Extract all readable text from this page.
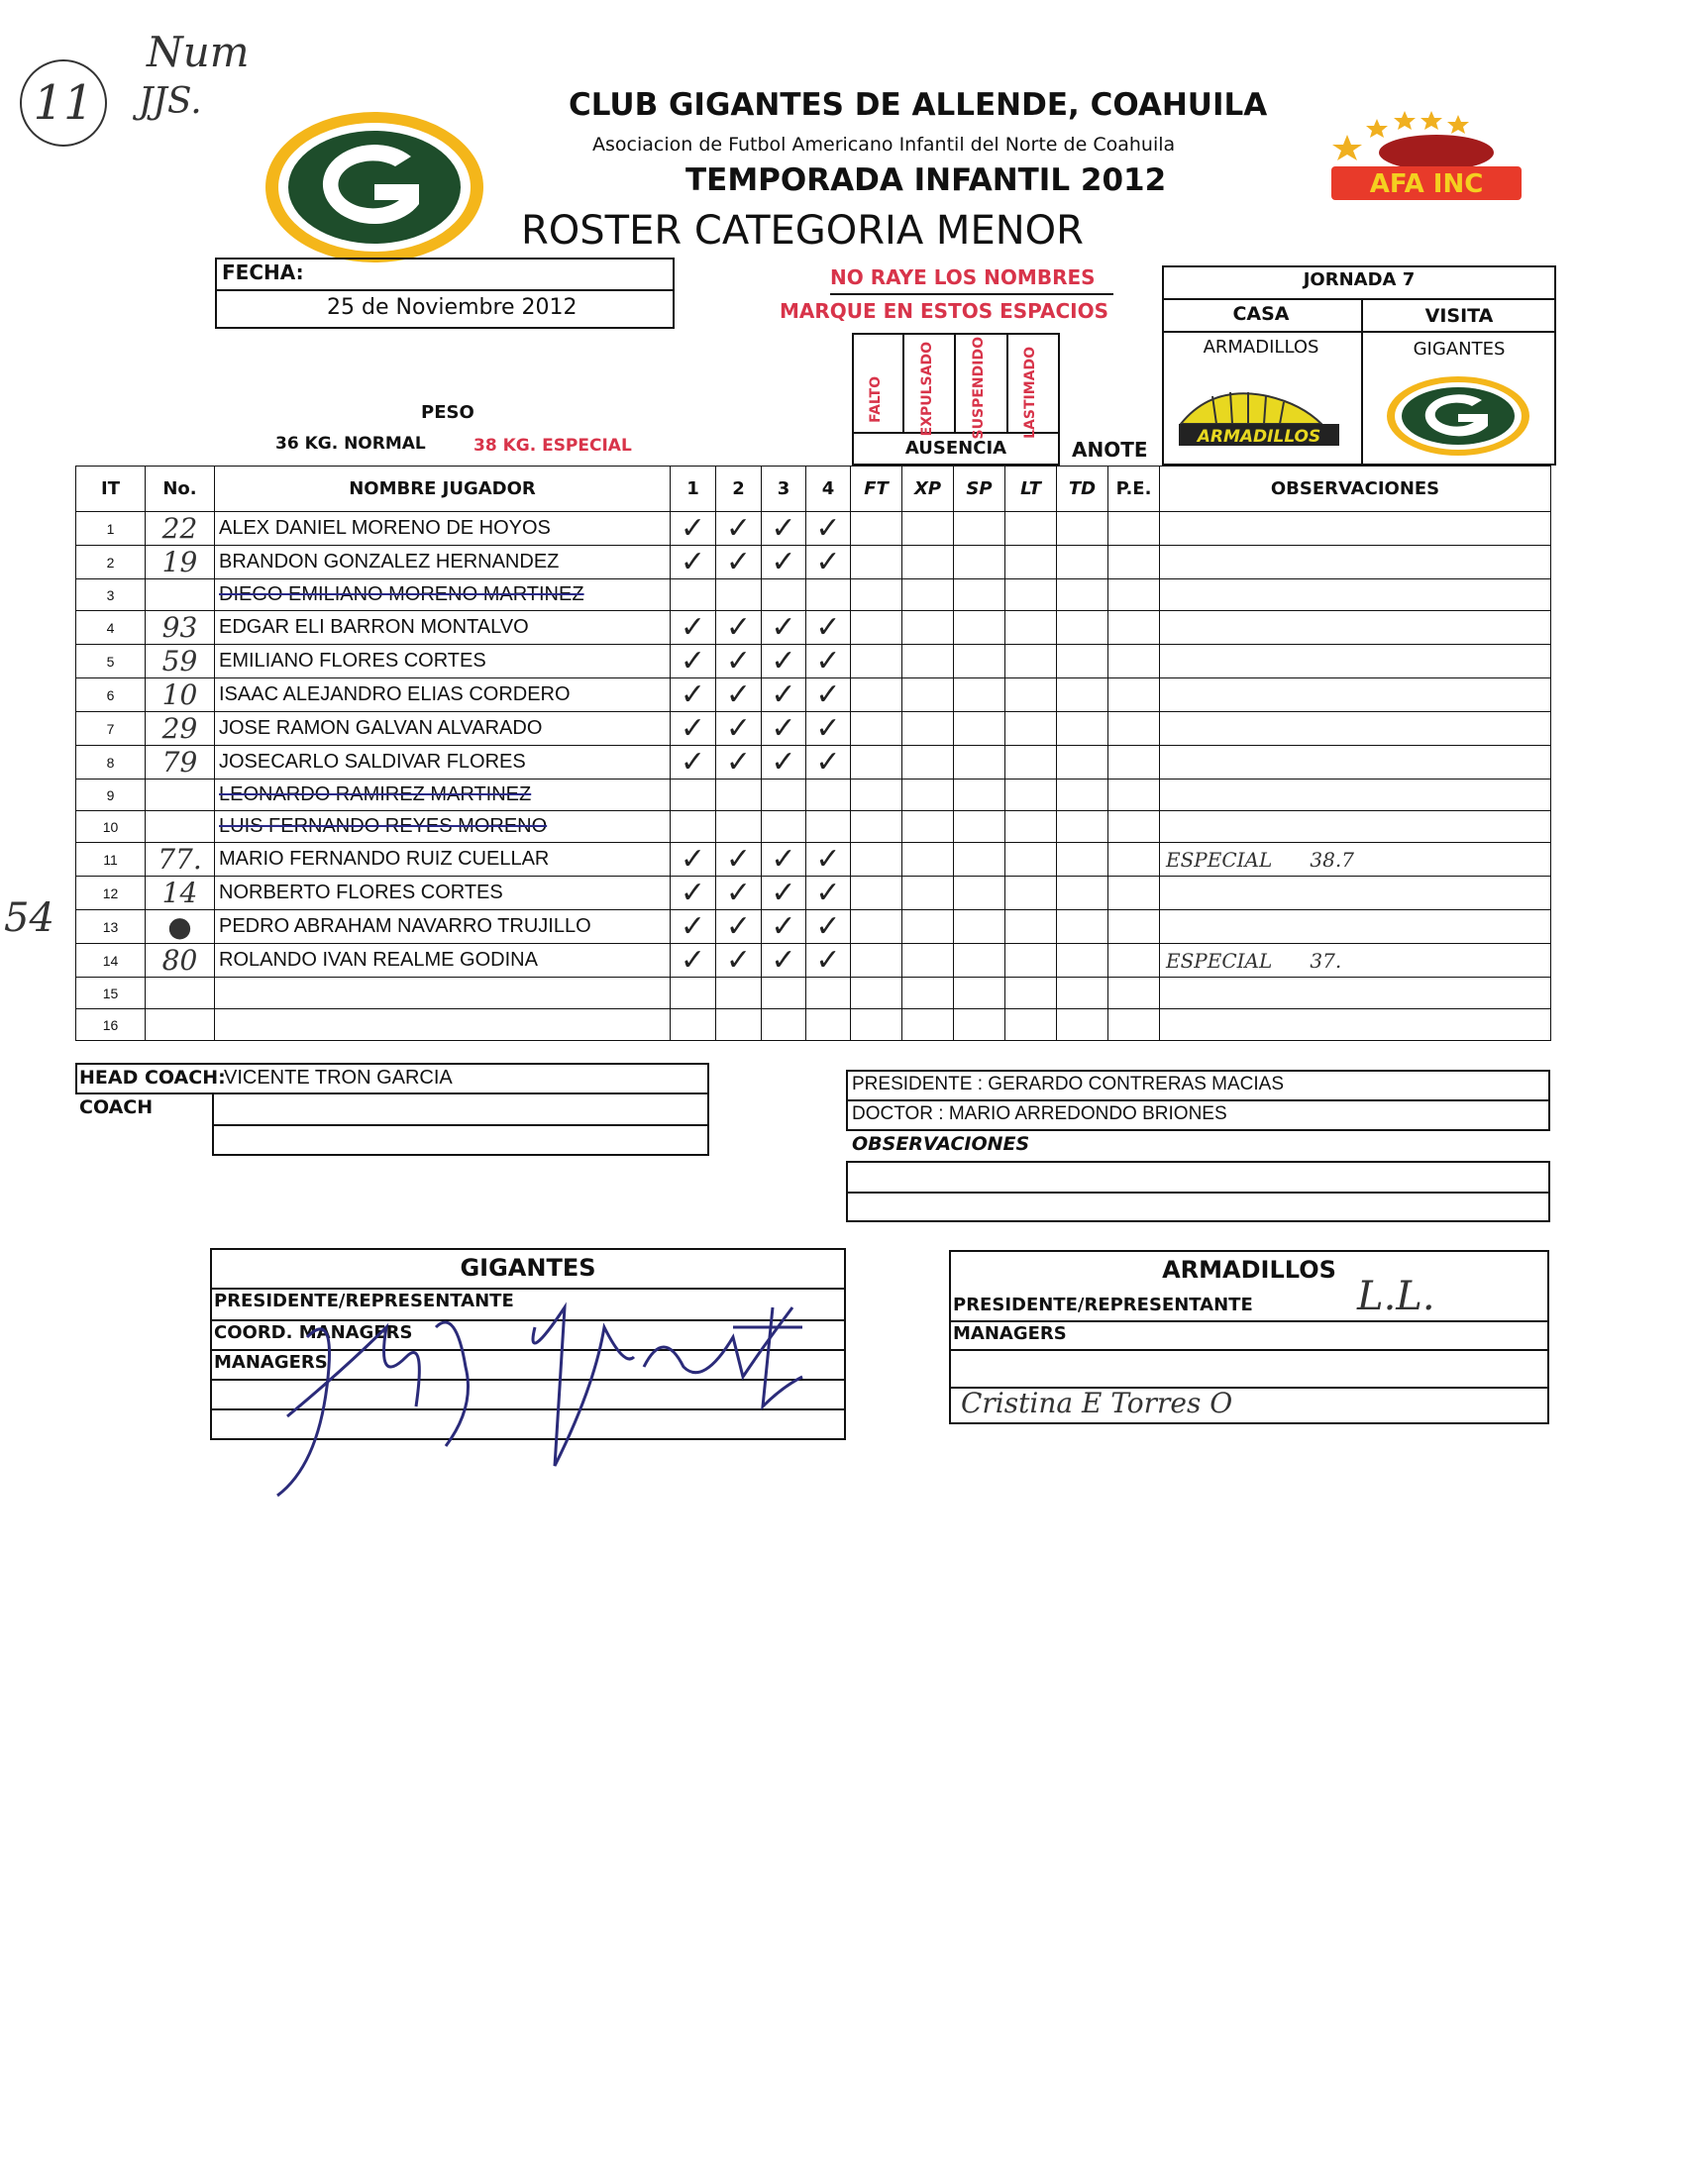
11
Num
JJS.	CLUB GIGANTES DE ALLENDE, COAHUILA
Asociacion de Futbol Americano Infantil del Norte de Coahuila
TEMPORADA INFANTIL 2012
ROSTER CATEGORIA MENOR
AFA INC
FECHA:
25 de Noviembre 2012
NO RAYE LOS NOMBRES
MARQUE EN ESTOS ESPACIOS
JORNADA 7
CASA	VISITA
ARMADILLOS	GIGANTES
ARMADILLOS
PESO
36 KG. NORMAL	38 KG. ESPECIAL
FALTO	EXPULSADO	SUSPENDIDO	LASTIMADO
AUSENCIA	ANOTE
IT	No.	NOMBRE JUGADOR	1	2	3	4	FT	XP	SP	LT	TD	P.E.	OBSERVACIONES
1	22	ALEX DANIEL MORENO DE HOYOS	✓	✓	✓	✓							
2	19	BRANDON GONZALEZ HERNANDEZ	✓	✓	✓	✓							
3		DIEGO EMILIANO MORENO MARTINEZ											
4	93	EDGAR ELI BARRON MONTALVO	✓	✓	✓	✓							
5	59	EMILIANO FLORES CORTES	✓	✓	✓	✓							
6	10	ISAAC ALEJANDRO ELIAS CORDERO	✓	✓	✓	✓							
7	29	JOSE RAMON GALVAN ALVARADO	✓	✓	✓	✓							
8	79	JOSECARLO SALDIVAR FLORES	✓	✓	✓	✓							
9		LEONARDO RAMIREZ MARTINEZ											
10		LUIS FERNANDO REYES MORENO											
11	77.	MARIO FERNANDO RUIZ CUELLAR	✓	✓	✓	✓							ESPECIAL      38.7
12	14	NORBERTO FLORES CORTES	✓	✓	✓	✓							
13	●	PEDRO ABRAHAM NAVARRO TRUJILLO	✓	✓	✓	✓							
14	80	ROLANDO IVAN REALME GODINA	✓	✓	✓	✓							ESPECIAL      37.
15													
16													
54
HEAD COACH:
VICENTE TRON GARCIA
COACH
PRESIDENTE : GERARDO CONTRERAS MACIAS
DOCTOR : MARIO ARREDONDO BRIONES
OBSERVACIONES
GIGANTES
PRESIDENTE/REPRESENTANTE
COORD. MANAGERS
MANAGERS
ARMADILLOS
PRESIDENTE/REPRESENTANTE
MANAGERS
L.L.
Cristina E Torres O
